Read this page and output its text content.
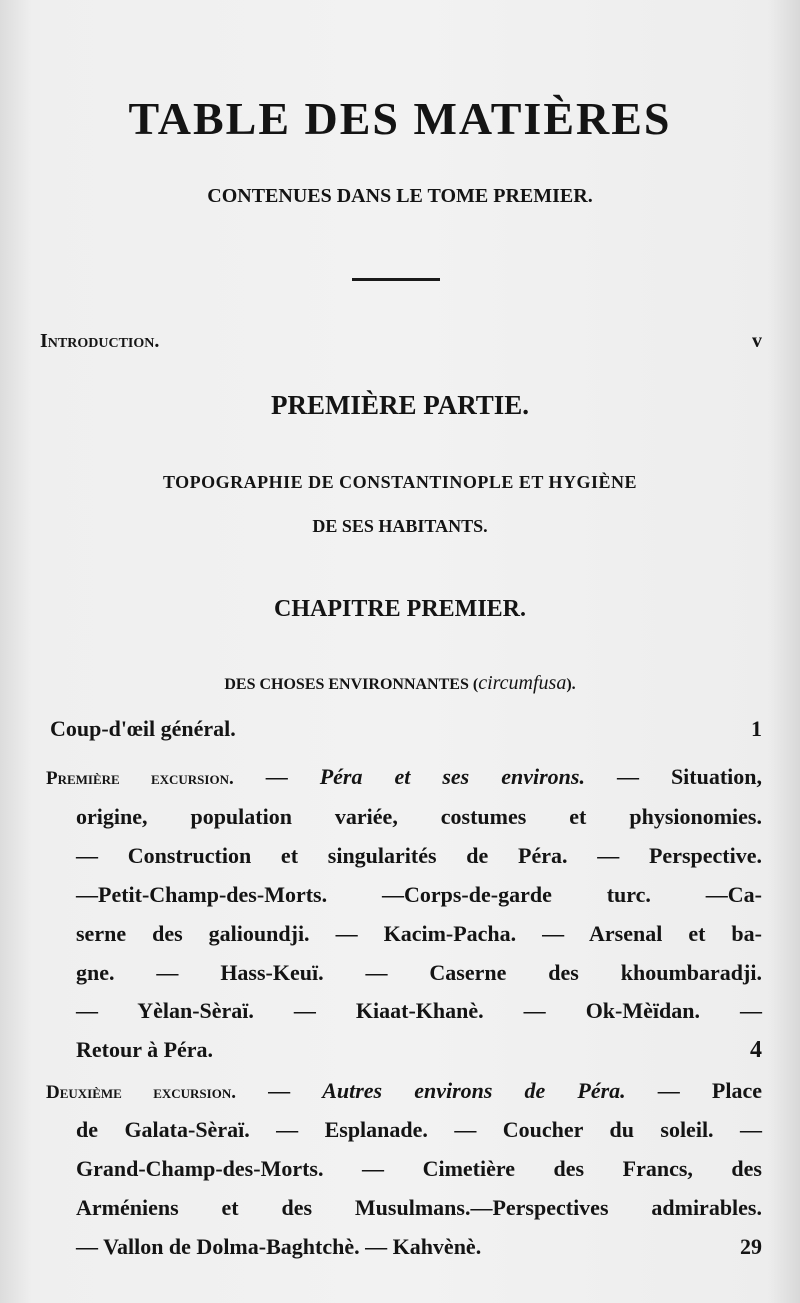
TABLE DES MATIÈRES
CONTENUES DANS LE TOME PREMIER.
Introduction.	v
PREMIÈRE PARTIE.
TOPOGRAPHIE DE CONSTANTINOPLE ET HYGIÈNE
DE SES HABITANTS.
CHAPITRE PREMIER.
DES CHOSES ENVIRONNANTES (circumfusa).
Coup-d'œil général.	1
Première excursion. — Péra et ses environs. — Situation,
origine, population variée, costumes et physionomies.
— Construction et singularités de Péra. — Perspective.
—Petit-Champ-des-Morts. —Corps-de-garde turc. —Ca-
serne des galioundji. — Kacim-Pacha. — Arsenal et ba-
gne. — Hass-Keuï. — Caserne des khoumbaradji.
— Yèlan-Sèraï. — Kiaat-Khanè. — Ok-Mèïdan. —
Retour à Péra.	4
Deuxième excursion. — Autres environs de Péra. — Place
de Galata-Sèraï. — Esplanade. — Coucher du soleil. —
Grand-Champ-des-Morts. — Cimetière des Francs, des
Arméniens et des Musulmans.—Perspectives admirables.
— Vallon de Dolma-Baghtchè. — Kahvènè.	29
